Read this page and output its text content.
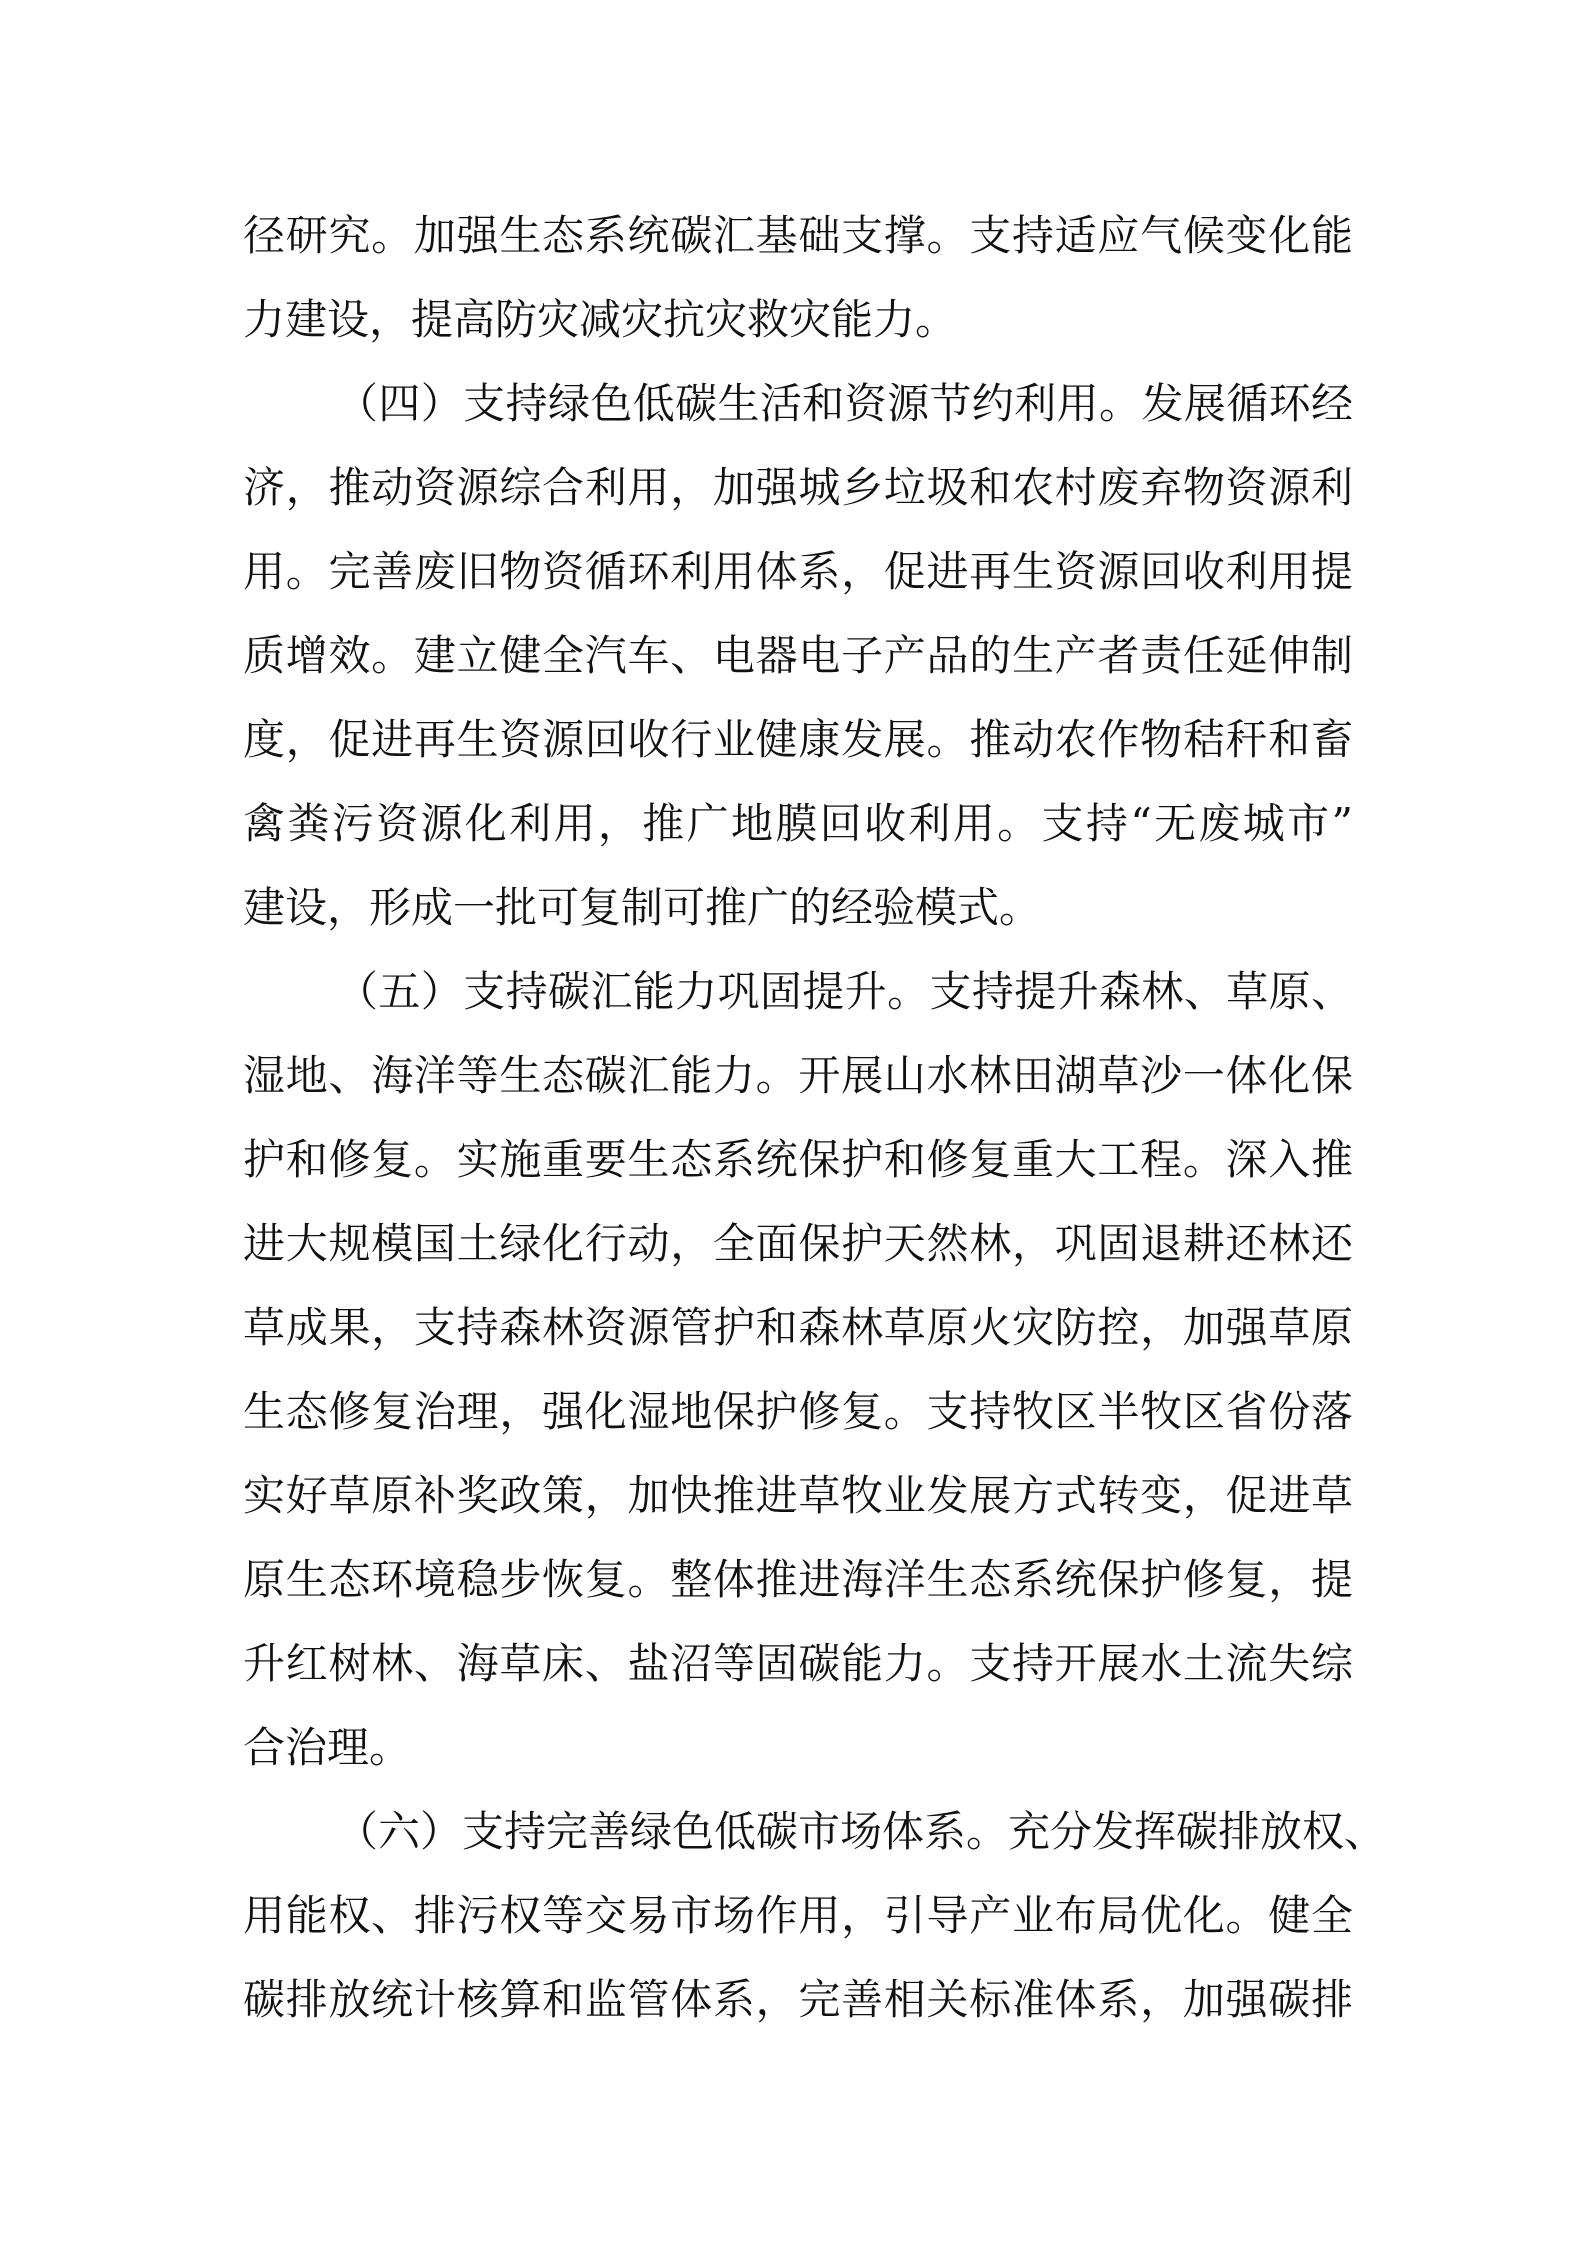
径研究。加强生态系统碳汇基础支撑。支持适应气候变化能
力建设，提高防灾减灾抗灾救灾能力。
（四）支持绿色低碳生活和资源节约利用。发展循环经
济，推动资源综合利用，加强城乡垃圾和农村废弃物资源利
用。完善废旧物资循环利用体系，促进再生资源回收利用提
质增效。建立健全汽车、电器电子产品的生产者责任延伸制
度，促进再生资源回收行业健康发展。推动农作物秸秆和畜
禽粪污资源化利用，推广地膜回收利用。支持“无废城市”
建设，形成一批可复制可推广的经验模式。
（五）支持碳汇能力巩固提升。支持提升森林、草原、
湿地、海洋等生态碳汇能力。开展山水林田湖草沙一体化保
护和修复。实施重要生态系统保护和修复重大工程。深入推
进大规模国土绿化行动，全面保护天然林，巩固退耕还林还
草成果，支持森林资源管护和森林草原火灾防控，加强草原
生态修复治理，强化湿地保护修复。支持牧区半牧区省份落
实好草原补奖政策，加快推进草牧业发展方式转变，促进草
原生态环境稳步恢复。整体推进海洋生态系统保护修复，提
升红树林、海草床、盐沼等固碳能力。支持开展水土流失综
合治理。
（六）支持完善绿色低碳市场体系。充分发挥碳排放权、
用能权、排污权等交易市场作用，引导产业布局优化。健全
碳排放统计核算和监管体系，完善相关标准体系，加强碳排
